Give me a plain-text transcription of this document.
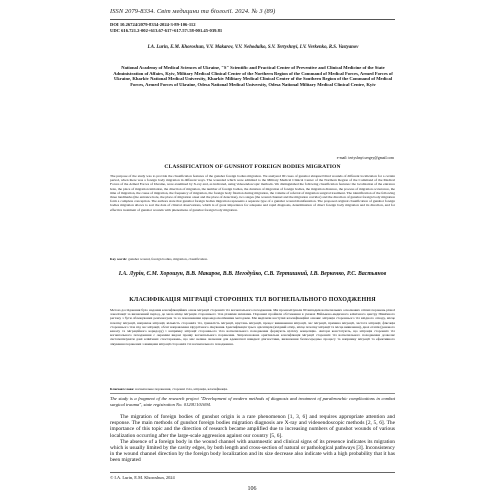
ISSN 2079-8334. Світ медицини та біології. 2024. № 3 (89)
DOI 10.26724/2079-8334-2024-3-89-106-112
UDC 616.721.2-002+613.67-617+617.57/.58-001.45-039.81
I.A. Lurin, E.M. Khoroshun, V.V. Makarov, V.V. Nehoduiko, S.V. Tertyshnyi, I.V. Verkenko, R.S. Vastyanov
National Academy of Medical Sciences of Ukraine, "S" Scientific and Practical Center of Preventive and Clinical Medicine of the State Administration of Affairs, Kyiv, Military Medical Clinical Center of the Northern Region of the Command of Medical Forces, Armed Forces of Ukraine, Kharkiv National Medical University, Kharkiv Military Medical Clinical Center of the Southern Region of the Command of Medical Forces, Armed Forces of Ukraine, Odesa National Medical University, Odesa National Military Medical Clinical Centre, Kyiv
e-mail: tertyshnyi.sergey@gmail.com
CLASSIFICATION OF GUNSHOT FOREIGN BODIES MIGRATION
The purpose of the study was to provide the classification features of the gunshot foreign bodies migration. We analyzed 90 cases of gunshot shrapnel blind wounds of different localization for a certain period, when there was a foreign body migration in different ways. The wounded which were admitted to the Military Medical Clinical Center of the Northern Region of the Command of the Medical Forces of the Armed Forces of Ukraine, were examined by X-ray and, as indicated, using videoendoscopic methods. We distinguished the following classification features: the localization of the entrance hole, the place of migration initiation, the direction of migration, the number of foreign bodies, the duration of migration of foreign bodies, the migration distance, the process of migration occurrence, the time of migration, the cause of migration, the frequency of migration, the foreign body fixation during migration, the volume of referral of migration surgical treatment. The identification of the following three landmarks (the entrance hole, the place of migration onset and the place of detection), two stages (the wound channel and the migration corridor) and the direction of gunshot foreign body migration form a complete conception. The authors state that gunshot foreign bodies migration represents a separate type of a gunshot wound manifestation. The proposed original classification of gunshot foreign bodies migration allows to sort the data of clinical observations, which is of great importance for adequate and rapid diagnosis, determination of direct foreign body migration and its direction, and for effective treatment of gunshot wounds with phenomena of gunshot foreign body migration.
Key words: gunshot wound, foreign bodies, migration, classification.
І.А. Лурін, Є.М. Хорошун, В.В. Макаров, В.В. Негодуйко, С.В. Тертишний, І.В. Веркенко, Р.С. Вастьянов
КЛАСИФІКАЦІЯ МІГРАЦІЇ СТОРОННІХ ТІЛ ВОГНЕПАЛЬНОГО ПОХОДЖЕННЯ
Метою дослідження було надання класифікаційних ознак міграції сторонніх тіл вогнепального походження. Ми проаналізували 90 випадків вогнепальних осколкових сліпих поранень різної локалізації за визначений період, де мала місце міграція стороннього тіла різними шляхами. Поранені пройшли обстеження в умовах Військово-медичного клінічного центру Північного регіону з бути облежуваних ренгенограм та за показаннями відеоендоскопічними методами. Ми виділили наступні класифікаційні ознаки: міграція стороннього тіл вхідного отвору, місце початку міграції, напрямок міграції, кількість сторонніх тіл, тривалість міграції, відстань міграції, процес виникнення міграції, час міграції, причина міграції, частота міграції, фіксація стороннього тіла під час міграції, обсяг направлення хірургічного лікування. Ідентифікація трьох орієнтирів (вхідний отвір, місце початку міграції та місце виявлення), двох етапів (ранового каналу та міграційного коридору) і напрямку міграції стороннього тіла вогнепального походження формують цілісну концепцію. Автори констатують, що міграція сторонніх тіл вогнепального походження є окремим видом прояву вогнепального поранення. Запропонована оригінальна класифікація міграції сторонніх тіл вогнепального походження дозволяє систематизувати дані клінічних спостережень, що має велике значення для адекватної швидкої діагностики, визначення безпосередньо процесу та напрямку міграції та ефективного лікування поранених з явищами міграції сторонніх тіл вогнепального походження.
Ключові слова: вогнепальне поранення, сторонні тіла, міграція, класифікація.
The study is a fragment of the research project "Development of modern methods of diagnosis and treatment of parabronchic complications in combat surgical trauma", state registration No. 0120U101694.

The migration of foreign bodies of gunshot origin is a rare phenomenon [1, 3, 6] and requires appropriate attention and response. The main methods of gunshot foreign bodies migration diagnosis are X-ray and videoendoscopic methods [2, 5, 6]. The importance of this topic and the direction of research became amplified due to increasing numbers of gunshot wounds of various localization occurring after the large-scale aggression against our country [5, 6].

The absence of a foreign body in the wound channel with anamnestic and clinical signs of its presence indicates its migration which is usually limited by the cavity edges, by both length and cross-section of natural or pathological pathways [3]. Inconsistency in the wound channel direction by the foreign body localization and its size decrease also indicate with a high probability that it has been migrated

© I.A. Lurin, E.M. Khoroshun, 2024
106
